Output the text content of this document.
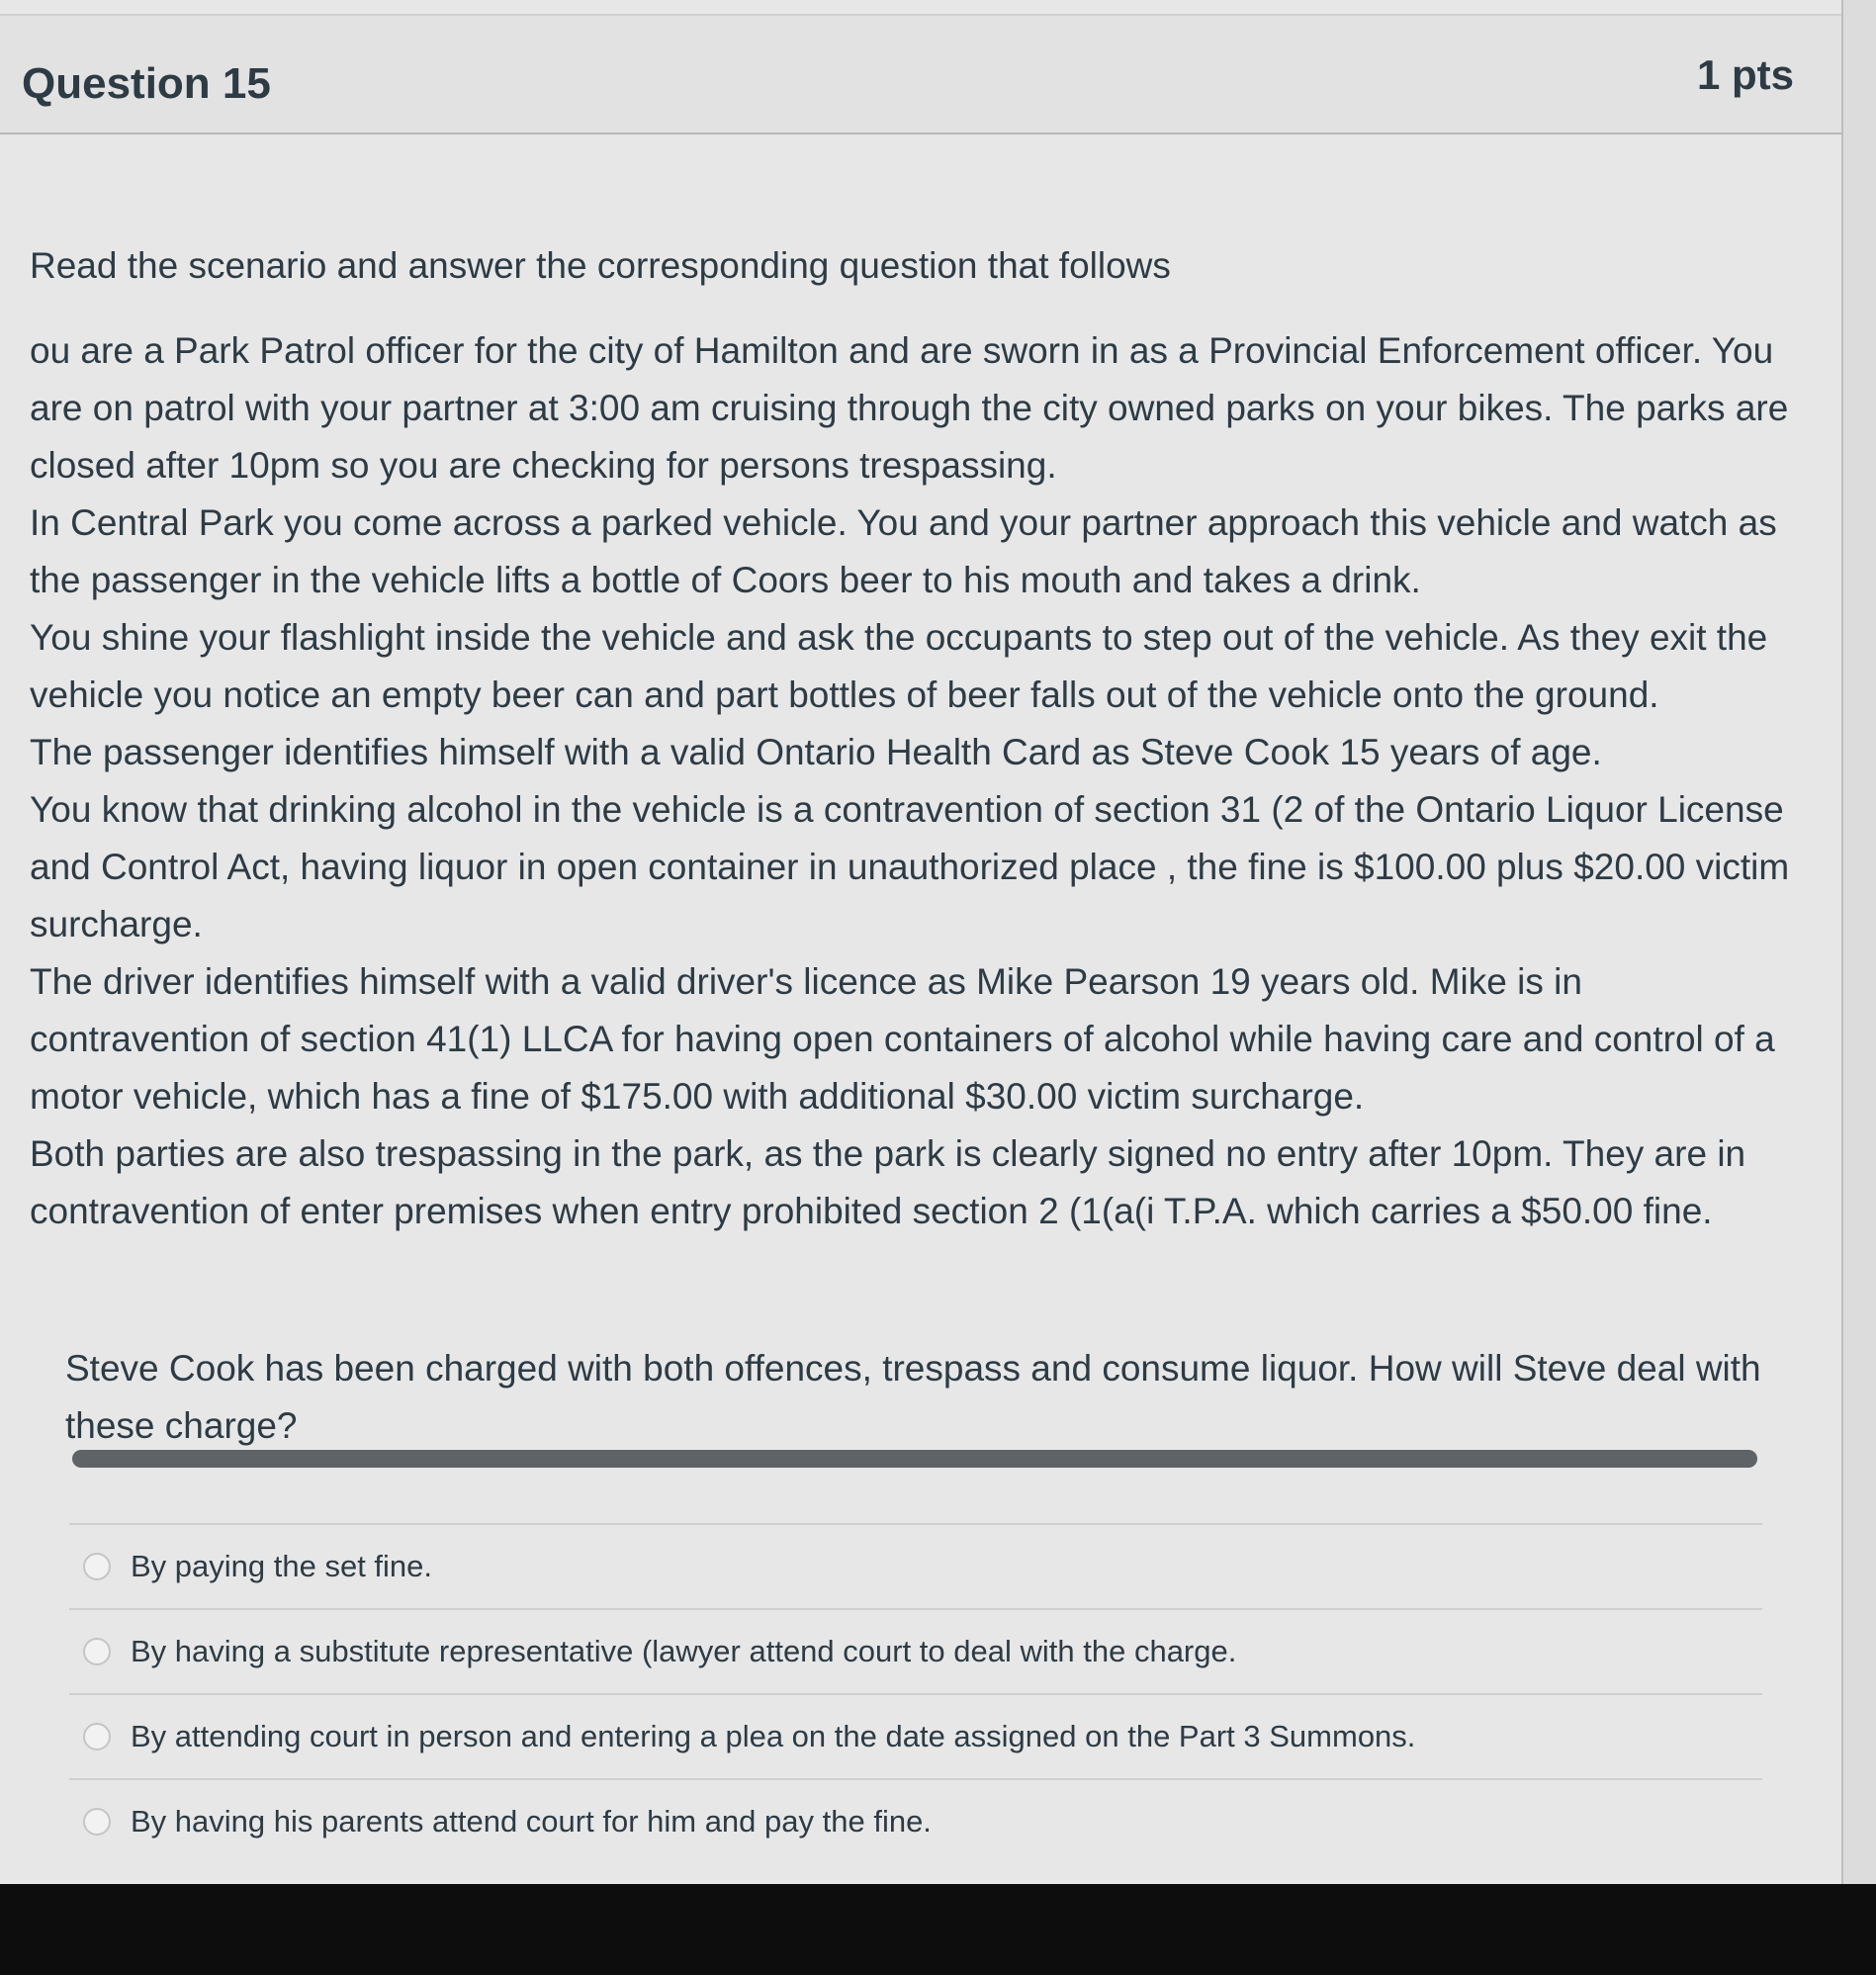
Question 15	1 pts

Read the scenario and answer the corresponding question that follows

ou are a Park Patrol officer for the city of Hamilton and are sworn in as a Provincial Enforcement officer. You are on patrol with your partner at 3:00 am cruising through the city owned parks on your bikes. The parks are closed after 10pm so you are checking for persons trespassing.

In Central Park you come across a parked vehicle. You and your partner approach this vehicle and watch as the passenger in the vehicle lifts a bottle of Coors beer to his mouth and takes a drink.

You shine your flashlight inside the vehicle and ask the occupants to step out of the vehicle. As they exit the vehicle you notice an empty beer can and part bottles of beer falls out of the vehicle onto the ground.

The passenger identifies himself with a valid Ontario Health Card as Steve Cook 15 years of age.

You know that drinking alcohol in the vehicle is a contravention of section 31 (2 of the Ontario Liquor License and Control Act, having liquor in open container in unauthorized place , the fine is $100.00 plus $20.00 victim surcharge.

The driver identifies himself with a valid driver's licence as Mike Pearson 19 years old. Mike is in contravention of section 41(1) LLCA for having open containers of alcohol while having care and control of a motor vehicle, which has a fine of $175.00 with additional $30.00 victim surcharge.

Both parties are also trespassing in the park, as the park is clearly signed no entry after 10pm. They are in contravention of enter premises when entry prohibited section 2 (1(a(i T.P.A. which carries a $50.00 fine.

Steve Cook has been charged with both offences, trespass and consume liquor. How will Steve deal with these charge?
By paying the set fine.
By having a substitute representative (lawyer attend court to deal with the charge.
By attending court in person and entering a plea on the date assigned on the Part 3 Summons.
By having his parents attend court for him and pay the fine.
